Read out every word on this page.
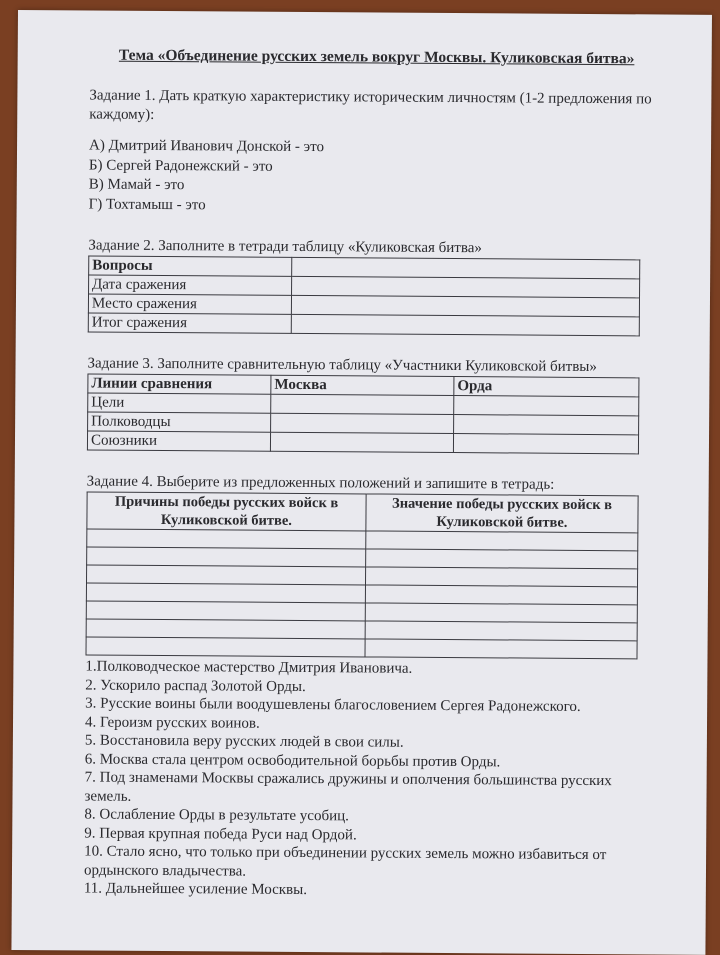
Тема «Объединение русских земель вокруг Москвы. Куликовская битва»
Задание 1. Дать краткую характеристику историческим личностям (1-2 предложения по каждому):
А) Дмитрий Иванович Донской - это
Б) Сергей Радонежский - это
В) Мамай - это
Г) Тохтамыш - это
Задание 2. Заполните в тетради таблицу «Куликовская битва»
Вопросы	
Дата сражения	
Место сражения	
Итог сражения	
Задание 3. Заполните сравнительную таблицу «Участники Куликовской битвы»
Линии сравнения	Москва	Орда
Цели		
Полководцы		
Союзники		
Задание 4. Выберите из предложенных положений и запишите в тетрадь:
Причины победы русских войск в Куликовской битве.	Значение победы русских войск в Куликовской битве.

1.Полководческое мастерство Дмитрия Ивановича.
2. Ускорило распад Золотой Орды.
3. Русские воины были воодушевлены благословением Сергея Радонежского.
4. Героизм русских воинов.
5. Восстановила веру русских людей в свои силы.
6. Москва стала центром освободительной борьбы против Орды.
7. Под знаменами Москвы сражались дружины и ополчения большинства русских земель.
8. Ослабление Орды в результате усобиц.
9. Первая крупная победа Руси над Ордой.
10. Стало ясно, что только при объединении русских земель можно избавиться от ордынского владычества.
11. Дальнейшее усиление Москвы.
